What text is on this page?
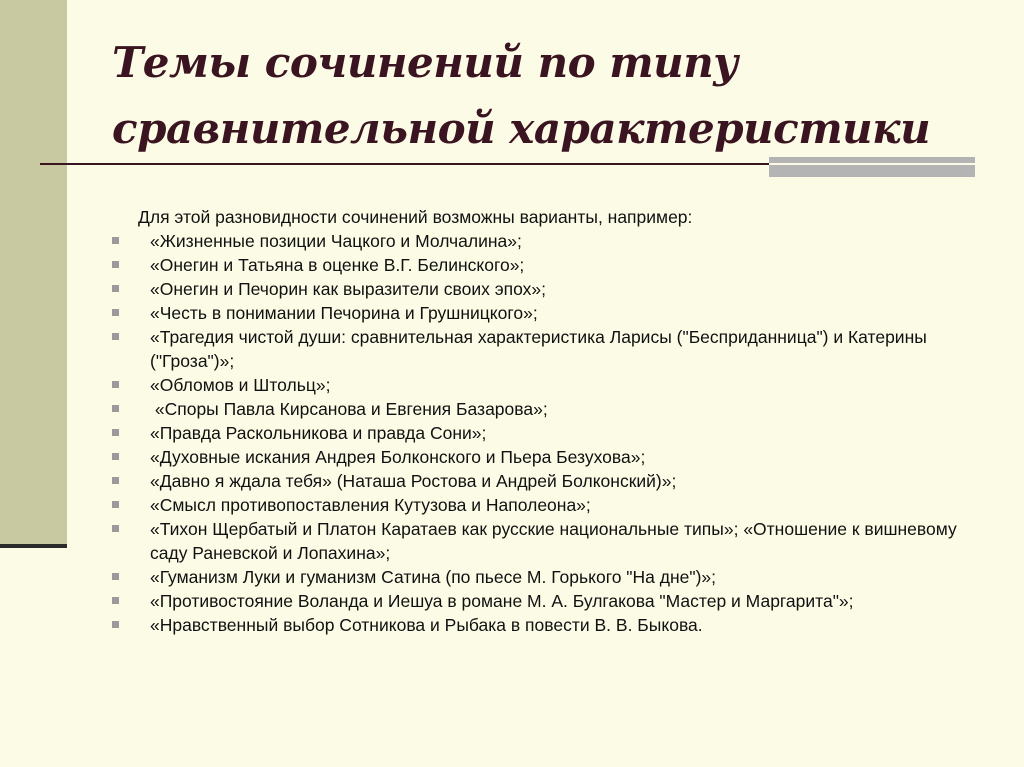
Темы сочинений по типу сравнительной характеристики

Для этой разновидности сочинений возможны варианты, например:

«Жизненные позиции Чацкого и Молчалина»;
«Онегин и Татьяна в оценке В.Г. Белинского»;
«Онегин и Печорин как выразители своих эпох»;
«Честь в понимании Печорина и Грушницкого»;
«Трагедия чистой души: сравнительная характеристика Ларисы ("Бесприданница") и Катерины ("Гроза")»;
«Обломов и Штольц»;
«Споры Павла Кирсанова и Евгения Базарова»;
«Правда Раскольникова и правда Сони»;
«Духовные искания Андрея Болконского и Пьера Безухова»;
«Давно я ждала тебя» (Наташа Ростова и Андрей Болконский)»;
«Смысл противопоставления Кутузова и Наполеона»;
«Тихон Щербатый и Платон Каратаев как русские национальные типы»; «Отношение к вишневому саду Раневской и Лопахина»;
«Гуманизм Луки и гуманизм Сатина (по пьесе М. Горького "На дне")»;
«Противостояние Воланда и Иешуа в романе М. А. Булгакова "Мастер и Маргарита"»;
«Нравственный выбор Сотникова и Рыбака в повести В. В. Быкова.
